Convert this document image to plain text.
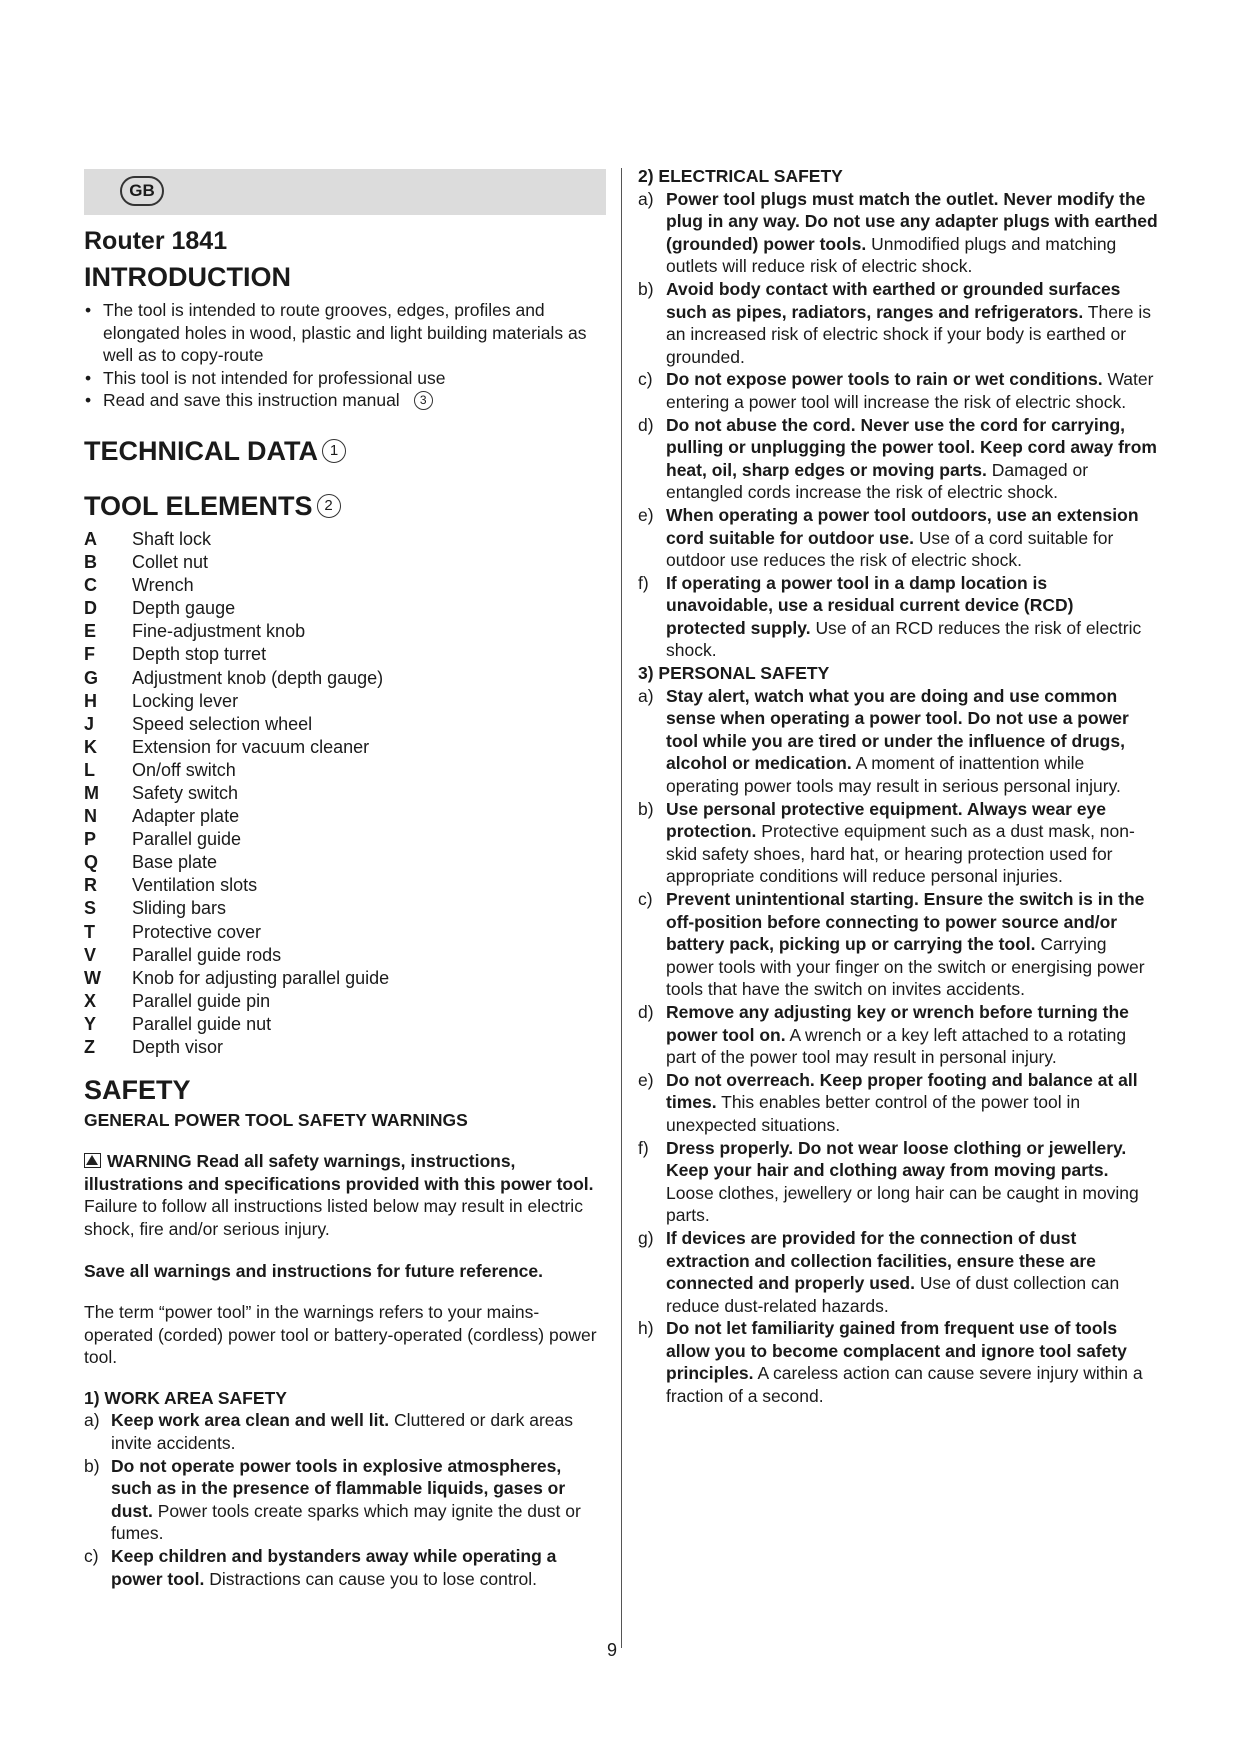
GB
Router 1841
INTRODUCTION
• The tool is intended to route grooves, edges, profiles and elongated holes in wood, plastic and light building materials as well as to copy-route
• This tool is not intended for professional use
• Read and save this instruction manual 3
TECHNICAL DATA 1
TOOL ELEMENTS 2
A	Shaft lock
B	Collet nut
C	Wrench
D	Depth gauge
E	Fine-adjustment knob
F	Depth stop turret
G	Adjustment knob (depth gauge)
H	Locking lever
J	Speed selection wheel
K	Extension for vacuum cleaner
L	On/off switch
M	Safety switch
N	Adapter plate
P	Parallel guide
Q	Base plate
R	Ventilation slots
S	Sliding bars
T	Protective cover
V	Parallel guide rods
W	Knob for adjusting parallel guide
X	Parallel guide pin
Y	Parallel guide nut
Z	Depth visor
SAFETY
GENERAL POWER TOOL SAFETY WARNINGS

WARNING Read all safety warnings, instructions, illustrations and specifications provided with this power tool. Failure to follow all instructions listed below may result in electric shock, fire and/or serious injury.

Save all warnings and instructions for future reference.

The term “power tool” in the warnings refers to your mains-operated (corded) power tool or battery-operated (cordless) power tool.

1) WORK AREA SAFETY

a) Keep work area clean and well lit. Cluttered or dark areas invite accidents.
b) Do not operate power tools in explosive atmospheres, such as in the presence of flammable liquids, gases or dust. Power tools create sparks which may ignite the dust or fumes.
c) Keep children and bystanders away while operating a power tool. Distractions can cause you to lose control.

2) ELECTRICAL SAFETY

a) Power tool plugs must match the outlet. Never modify the plug in any way. Do not use any adapter plugs with earthed (grounded) power tools. Unmodified plugs and matching outlets will reduce risk of electric shock.
b) Avoid body contact with earthed or grounded surfaces such as pipes, radiators, ranges and refrigerators. There is an increased risk of electric shock if your body is earthed or grounded.
c) Do not expose power tools to rain or wet conditions. Water entering a power tool will increase the risk of electric shock.
d) Do not abuse the cord. Never use the cord for carrying, pulling or unplugging the power tool. Keep cord away from heat, oil, sharp edges or moving parts. Damaged or entangled cords increase the risk of electric shock.
e) When operating a power tool outdoors, use an extension cord suitable for outdoor use. Use of a cord suitable for outdoor use reduces the risk of electric shock.
f) If operating a power tool in a damp location is unavoidable, use a residual current device (RCD) protected supply. Use of an RCD reduces the risk of electric shock.

3) PERSONAL SAFETY

a) Stay alert, watch what you are doing and use common sense when operating a power tool. Do not use a power tool while you are tired or under the influence of drugs, alcohol or medication. A moment of inattention while operating power tools may result in serious personal injury.
b) Use personal protective equipment. Always wear eye protection. Protective equipment such as a dust mask, non-skid safety shoes, hard hat, or hearing protection used for appropriate conditions will reduce personal injuries.
c) Prevent unintentional starting. Ensure the switch is in the off-position before connecting to power source and/or battery pack, picking up or carrying the tool. Carrying power tools with your finger on the switch or energising power tools that have the switch on invites accidents.
d) Remove any adjusting key or wrench before turning the power tool on. A wrench or a key left attached to a rotating part of the power tool may result in personal injury.
e) Do not overreach. Keep proper footing and balance at all times. This enables better control of the power tool in unexpected situations.
f) Dress properly. Do not wear loose clothing or jewellery. Keep your hair and clothing away from moving parts. Loose clothes, jewellery or long hair can be caught in moving parts.
g) If devices are provided for the connection of dust extraction and collection facilities, ensure these are connected and properly used. Use of dust collection can reduce dust-related hazards.
h) Do not let familiarity gained from frequent use of tools allow you to become complacent and ignore tool safety principles. A careless action can cause severe injury within a fraction of a second.
9
